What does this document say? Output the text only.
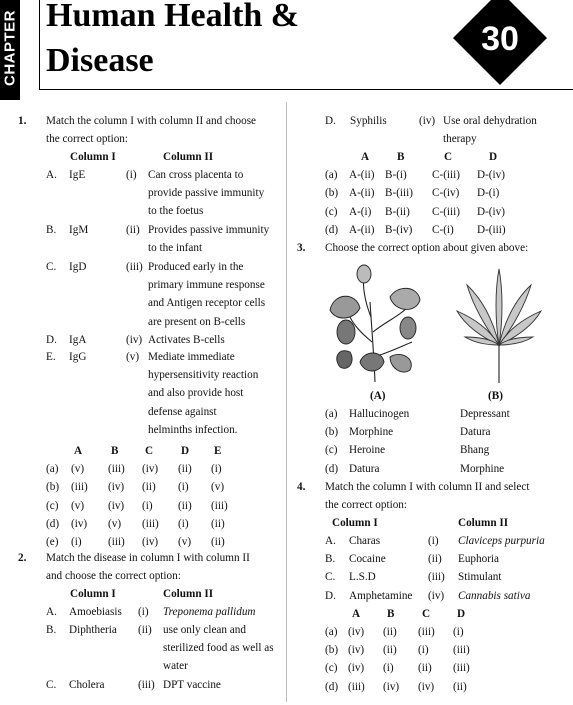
CHAPTER Human Health &
Disease
30
1. Match the column I with column II and choose
the correct option:
Column I	Column II
A. IgE	(i) Can cross placenta to
provide passive immunity
to the foetus
B. IgM	(ii) Provides passive immunity
to the infant
C. IgD	(iii) Produced early in the
primary immune response
and Antigen receptor cells
are present on B-cells
D. IgA	(iv) Activates B-cells
E. IgG	(v) Mediate immediate
hypersensitivity reaction
and also provide host
defense against
helminths infection.
A	B C D E
(a) (v) (iii) (iv) (ii) (i)
(b) (iii) (iv) (ii) (i) (v)
(c) (v) (iv) (i) (ii) (iii)
(d) (iv) (v) (iii) (i) (ii)
(e) (i) (iii) (iv) (v) (ii)
2. Match the disease in column I with column II
and choose the correct option:
Column I	Column II
A. Amoebiasis (i) Treponema pallidum
B. Diphtheria (ii) use only clean and
sterilized food as well as
water
C. Cholera	(iii) DPT vaccine
D. Syphilis	(iv) Use oral dehydration
therapy
A B	C	D
(a) A-(ii) B-(i) C-(iii) D-(iv)
(b) A-(ii) B-(iii) C-(iv) D-(i)
(c) A-(i) B-(ii) C-(iii) D-(iv)
(d) A-(ii) B-(iv) C-(i) D-(iii)
3. Choose the correct option about given above:
(A)	(B)
(a) Hallucinogen	Depressant
(b) Morphine	Datura
(c) Heroine	Bhang
(d) Datura	Morphine
4. Match the column I with column II and select
the correct option:
Column I	Column II
A. Charas	(i) Claviceps purpuria
B. Cocaine	(ii) Euphoria
C. L.S.D	(iii) Stimulant
D. Amphetamine (iv) Cannabis sativa
A B C D
(a) (iv) (ii) (iii) (i)
(b) (iv) (ii) (i) (iii)
(c) (iv) (i) (ii) (iii)
(d) (iii) (iv) (iv) (ii)
